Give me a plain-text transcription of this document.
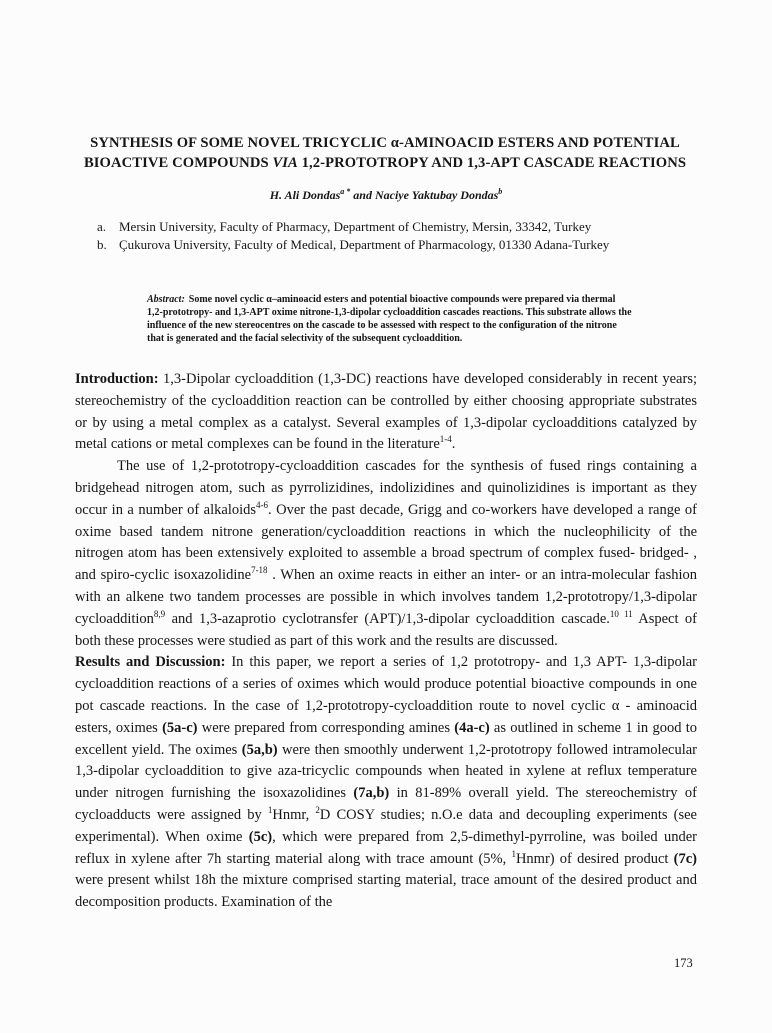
SYNTHESIS OF SOME NOVEL TRICYCLIC α-AMINOACID ESTERS AND POTENTIAL
BIOACTIVE COMPOUNDS VIA 1,2-PROTOTROPY AND 1,3-APT CASCADE REACTIONS
H. Ali Dondas$^{a *}$ and Naciye Yaktubay Dondas$^b$
a. Mersin University, Faculty of Pharmacy, Department of Chemistry, Mersin, 33342, Turkey
b. Çukurova University, Faculty of Medical, Department of Pharmacology, 01330 Adana-Turkey

Abstract: Some novel cyclic α–aminoacid esters and potential bioactive compounds were prepared via thermal 1,2-prototropy- and 1,3-APT oxime nitrone-1,3-dipolar cycloaddition cascades reactions. This substrate allows the influence of the new stereocentres on the cascade to be assessed with respect to the configuration of the nitrone that is generated and the facial selectivity of the subsequent cycloaddition.

Introduction: 1,3-Dipolar cycloaddition (1,3-DC) reactions have developed considerably in recent years; stereochemistry of the cycloaddition reaction can be controlled by either choosing appropriate substrates or by using a metal complex as a catalyst. Several examples of 1,3-dipolar cycloadditions catalyzed by metal cations or metal complexes can be found in the literature$^{1-4}$.

The use of 1,2-prototropy-cycloaddition cascades for the synthesis of fused rings containing a bridgehead nitrogen atom, such as pyrrolizidines, indolizidines and quinolizidines is important as they occur in a number of alkaloids$^{4-6}$. Over the past decade, Grigg and co-workers have developed a range of oxime based tandem nitrone generation/cycloaddition reactions in which the nucleophilicity of the nitrogen atom has been extensively exploited to assemble a broad spectrum of complex fused- bridged- , and spiro-cyclic isoxazolidine$^{7-18}$ . When an oxime reacts in either an inter- or an intra-molecular fashion with an alkene two tandem processes are possible in which involves tandem 1,2-prototropy/1,3-dipolar cycloaddition$^{8,9}$ and 1,3-azaprotio cyclotransfer (APT)/1,3-dipolar cycloaddition cascade.$^{10 11}$ Aspect of both these processes were studied as part of this work and the results are discussed.

Results and Discussion: In this paper, we report a series of 1,2 prototropy- and 1,3 APT- 1,3-dipolar cycloaddition reactions of a series of oximes which would produce potential bioactive compounds in one pot cascade reactions. In the case of 1,2-prototropy-cycloaddition route to novel cyclic α - aminoacid esters, oximes (5a-c) were prepared from corresponding amines (4a-c) as outlined in scheme 1 in good to excellent yield. The oximes (5a,b) were then smoothly underwent 1,2-prototropy followed intramolecular 1,3-dipolar cycloaddition to give aza-tricyclic compounds when heated in xylene at reflux temperature under nitrogen furnishing the isoxazolidines (7a,b) in 81-89% overall yield. The stereochemistry of cycloadducts were assigned by $^1$Hnmr, $^2$D COSY studies; n.O.e data and decoupling experiments (see experimental). When oxime (5c), which were prepared from 2,5-dimethyl-pyrroline, was boiled under reflux in xylene after 7h starting material along with trace amount (5%, $^1$Hnmr) of desired product (7c) were present whilst 18h the mixture comprised starting material, trace amount of the desired product and decomposition products. Examination of the

173
